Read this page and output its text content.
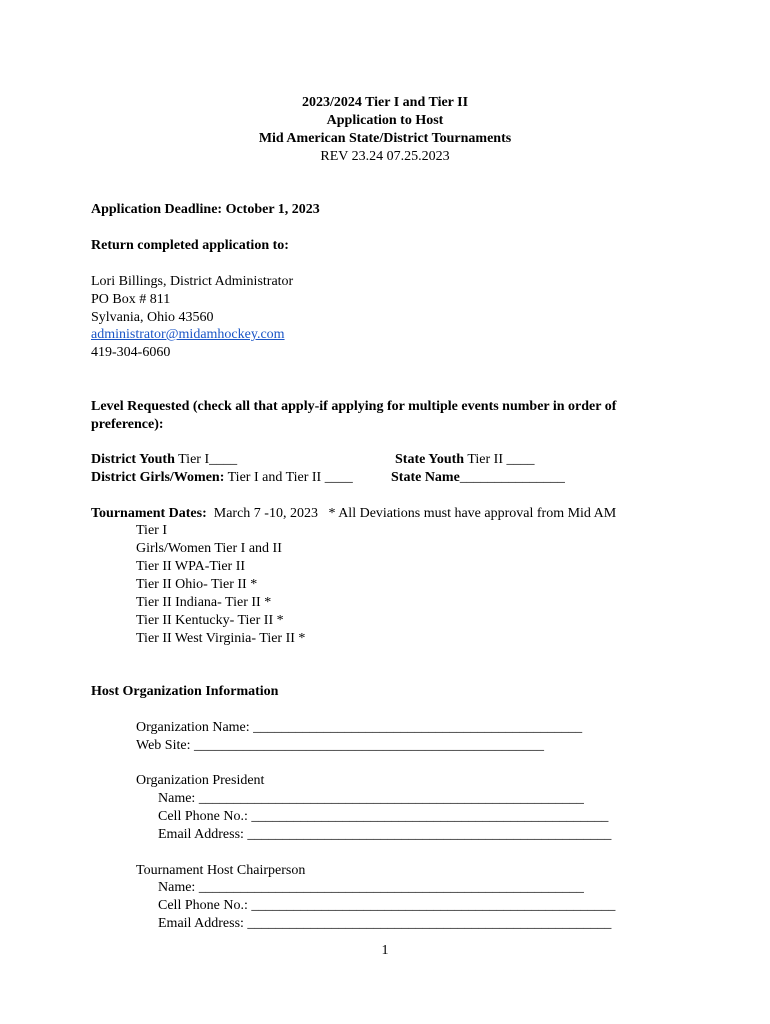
2023/2024 Tier I and Tier II
Application to Host
Mid American State/District Tournaments
REV 23.24 07.25.2023
Application Deadline: October 1, 2023
Return completed application to:
Lori Billings, District Administrator
PO Box # 811
Sylvania, Ohio 43560
administrator@midamhockey.com
419-304-6060
Level Requested (check all that apply-if applying for multiple events number in order of
preference):
District Youth Tier I____	State Youth Tier II ____
District Girls/Women: Tier I and Tier II ____	State Name_______________
Tournament Dates:  March 7 -10, 2023   * All Deviations must have approval from Mid AM
Tier I
Girls/Women Tier I and II
Tier II WPA-Tier II
Tier II Ohio- Tier II *
Tier II Indiana- Tier II *
Tier II Kentucky- Tier II *
Tier II West Virginia- Tier II *
Host Organization Information
Organization Name: _______________________________________________
Web Site: __________________________________________________
Organization President
Name: _______________________________________________________
Cell Phone No.: ___________________________________________________
Email Address: ____________________________________________________
Tournament Host Chairperson
Name: _______________________________________________________
Cell Phone No.: ____________________________________________________
Email Address: ____________________________________________________
1
